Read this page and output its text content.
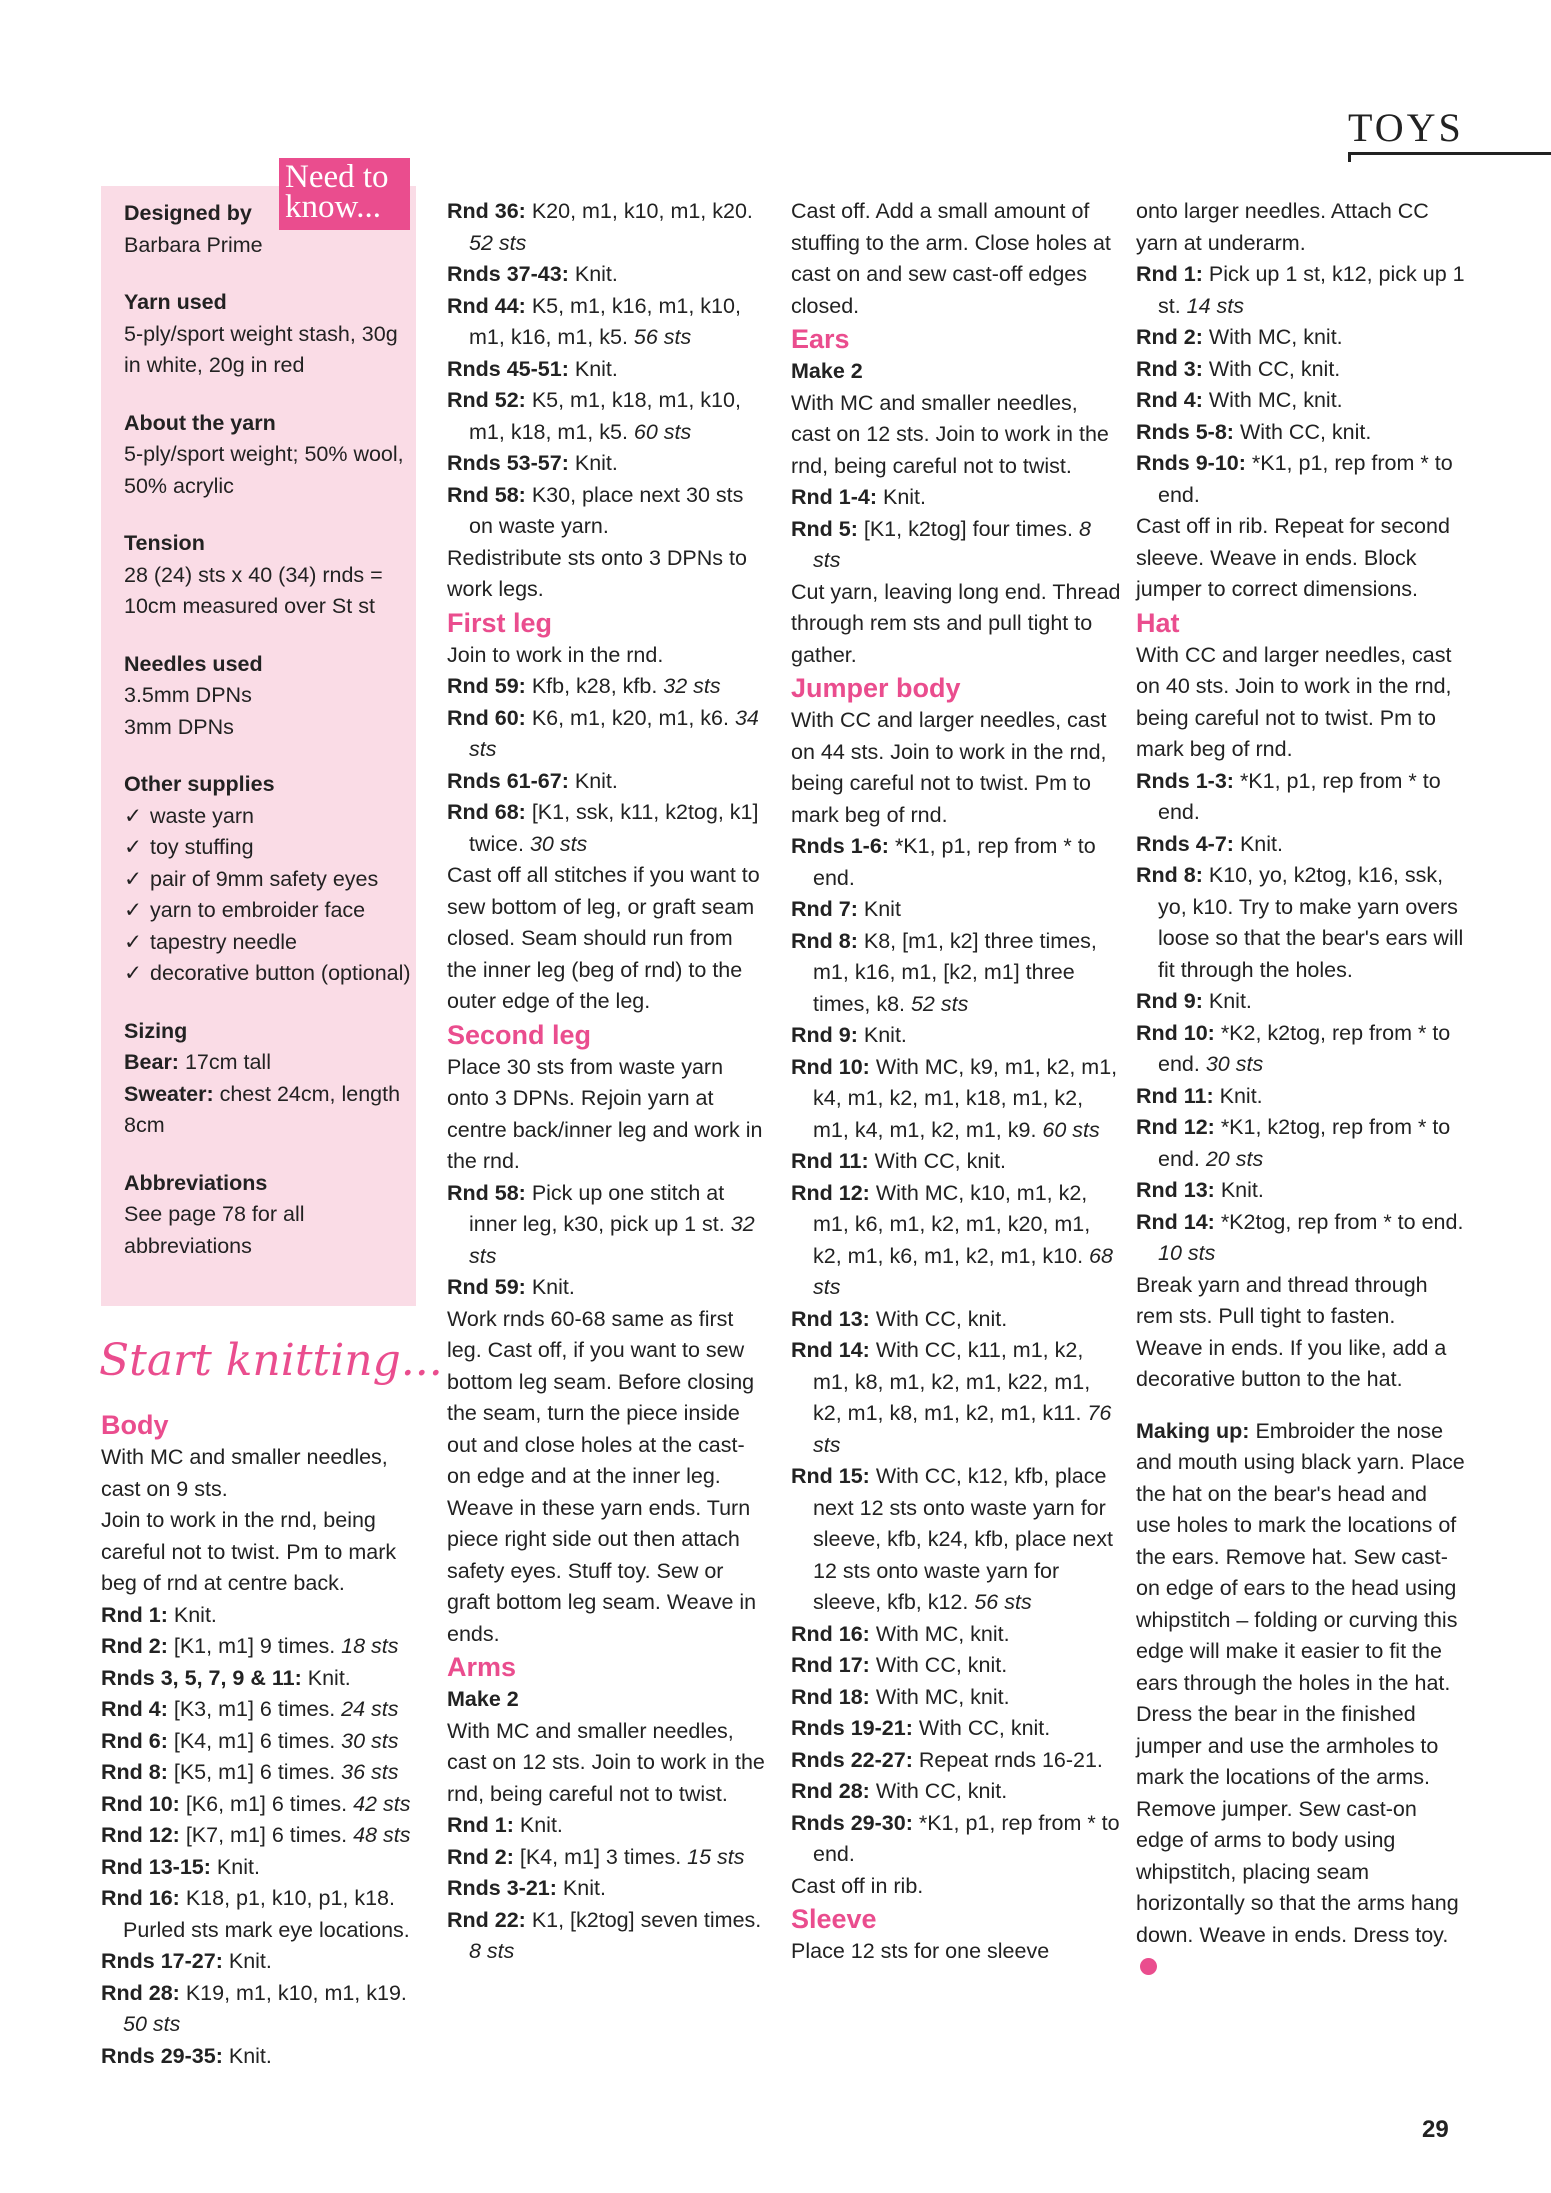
TOYS
Need to know...
Designed by
Barbara Prime
Yarn used
5-ply/sport weight stash, 30g in white, 20g in red
About the yarn
5-ply/sport weight; 50% wool, 50% acrylic
Tension
28 (24) sts x 40 (34) rnds = 10cm measured over St st
Needles used
3.5mm DPNs
3mm DPNs
Other supplies
✓ waste yarn
✓ toy stuffing
✓ pair of 9mm safety eyes
✓ yarn to embroider face
✓ tapestry needle
✓ decorative button (optional)
Sizing
Bear: 17cm tall
Sweater: chest 24cm, length 8cm
Abbreviations
See page 78 for all abbreviations
Start knitting...

Body

With MC and smaller needles, cast on 9 sts.

Join to work in the rnd, being careful not to twist. Pm to mark beg of rnd at centre back.

Rnd 1: Knit.

Rnd 2: [K1, m1] 9 times. 18 sts

Rnds 3, 5, 7, 9 & 11: Knit.

Rnd 4: [K3, m1] 6 times. 24 sts

Rnd 6: [K4, m1] 6 times. 30 sts

Rnd 8: [K5, m1] 6 times. 36 sts

Rnd 10: [K6, m1] 6 times. 42 sts

Rnd 12: [K7, m1] 6 times. 48 sts

Rnd 13-15: Knit.

Rnd 16: K18, p1, k10, p1, k18. Purled sts mark eye locations.

Rnds 17-27: Knit.

Rnd 28: K19, m1, k10, m1, k19. 50 sts

Rnds 29-35: Knit.

Rnd 36: K20, m1, k10, m1, k20. 52 sts

Rnds 37-43: Knit.

Rnd 44: K5, m1, k16, m1, k10, m1, k16, m1, k5. 56 sts

Rnds 45-51: Knit.

Rnd 52: K5, m1, k18, m1, k10, m1, k18, m1, k5. 60 sts

Rnds 53-57: Knit.

Rnd 58: K30, place next 30 sts on waste yarn.

Redistribute sts onto 3 DPNs to work legs.

First leg

Join to work in the rnd.

Rnd 59: Kfb, k28, kfb. 32 sts

Rnd 60: K6, m1, k20, m1, k6. 34 sts

Rnds 61-67: Knit.

Rnd 68: [K1, ssk, k11, k2tog, k1] twice. 30 sts

Cast off all stitches if you want to sew bottom of leg, or graft seam closed. Seam should run from the inner leg (beg of rnd) to the outer edge of the leg.

Second leg

Place 30 sts from waste yarn onto 3 DPNs. Rejoin yarn at centre back/inner leg and work in the rnd.

Rnd 58: Pick up one stitch at inner leg, k30, pick up 1 st. 32 sts

Rnd 59: Knit.

Work rnds 60-68 same as first leg. Cast off, if you want to sew bottom leg seam. Before closing the seam, turn the piece inside out and close holes at the cast-on edge and at the inner leg. Weave in these yarn ends. Turn piece right side out then attach safety eyes. Stuff toy. Sew or graft bottom leg seam. Weave in ends.

Arms

Make 2

With MC and smaller needles, cast on 12 sts. Join to work in the rnd, being careful not to twist.

Rnd 1: Knit.

Rnd 2: [K4, m1] 3 times. 15 sts

Rnds 3-21: Knit.

Rnd 22: K1, [k2tog] seven times. 8 sts

Cast off. Add a small amount of stuffing to the arm. Close holes at cast on and sew cast-off edges closed.

Ears

Make 2

With MC and smaller needles, cast on 12 sts. Join to work in the rnd, being careful not to twist.

Rnd 1-4: Knit.

Rnd 5: [K1, k2tog] four times. 8 sts

Cut yarn, leaving long end. Thread through rem sts and pull tight to gather.

Jumper body

With CC and larger needles, cast on 44 sts. Join to work in the rnd, being careful not to twist. Pm to mark beg of rnd.

Rnds 1-6: *K1, p1, rep from * to end.

Rnd 7: Knit

Rnd 8: K8, [m1, k2] three times, m1, k16, m1, [k2, m1] three times, k8. 52 sts

Rnd 9: Knit.

Rnd 10: With MC, k9, m1, k2, m1, k4, m1, k2, m1, k18, m1, k2, m1, k4, m1, k2, m1, k9. 60 sts

Rnd 11: With CC, knit.

Rnd 12: With MC, k10, m1, k2, m1, k6, m1, k2, m1, k20, m1, k2, m1, k6, m1, k2, m1, k10. 68 sts

Rnd 13: With CC, knit.

Rnd 14: With CC, k11, m1, k2, m1, k8, m1, k2, m1, k22, m1, k2, m1, k8, m1, k2, m1, k11. 76 sts

Rnd 15: With CC, k12, kfb, place next 12 sts onto waste yarn for sleeve, kfb, k24, kfb, place next 12 sts onto waste yarn for sleeve, kfb, k12. 56 sts

Rnd 16: With MC, knit.

Rnd 17: With CC, knit.

Rnd 18: With MC, knit.

Rnds 19-21: With CC, knit.

Rnds 22-27: Repeat rnds 16-21.

Rnd 28: With CC, knit.

Rnds 29-30: *K1, p1, rep from * to end.

Cast off in rib.

Sleeve

Place 12 sts for one sleeve

onto larger needles. Attach CC yarn at underarm.

Rnd 1: Pick up 1 st, k12, pick up 1 st. 14 sts

Rnd 2: With MC, knit.

Rnd 3: With CC, knit.

Rnd 4: With MC, knit.

Rnds 5-8: With CC, knit.

Rnds 9-10: *K1, p1, rep from * to end.

Cast off in rib. Repeat for second sleeve. Weave in ends. Block jumper to correct dimensions.

Hat

With CC and larger needles, cast on 40 sts. Join to work in the rnd, being careful not to twist. Pm to mark beg of rnd.

Rnds 1-3: *K1, p1, rep from * to end.

Rnds 4-7: Knit.

Rnd 8: K10, yo, k2tog, k16, ssk, yo, k10. Try to make yarn overs loose so that the bear's ears will fit through the holes.

Rnd 9: Knit.

Rnd 10: *K2, k2tog, rep from * to end. 30 sts

Rnd 11: Knit.

Rnd 12: *K1, k2tog, rep from * to end. 20 sts

Rnd 13: Knit.

Rnd 14: *K2tog, rep from * to end. 10 sts

Break yarn and thread through rem sts. Pull tight to fasten. Weave in ends. If you like, add a decorative button to the hat.

Making up: Embroider the nose and mouth using black yarn. Place the hat on the bear's head and use holes to mark the locations of the ears. Remove hat. Sew cast-on edge of ears to the head using whipstitch – folding or curving this edge will make it easier to fit the ears through the holes in the hat. Dress the bear in the finished jumper and use the armholes to mark the locations of the arms. Remove jumper. Sew cast-on edge of arms to body using whipstitch, placing seam horizontally so that the arms hang down. Weave in ends. Dress toy.

29
